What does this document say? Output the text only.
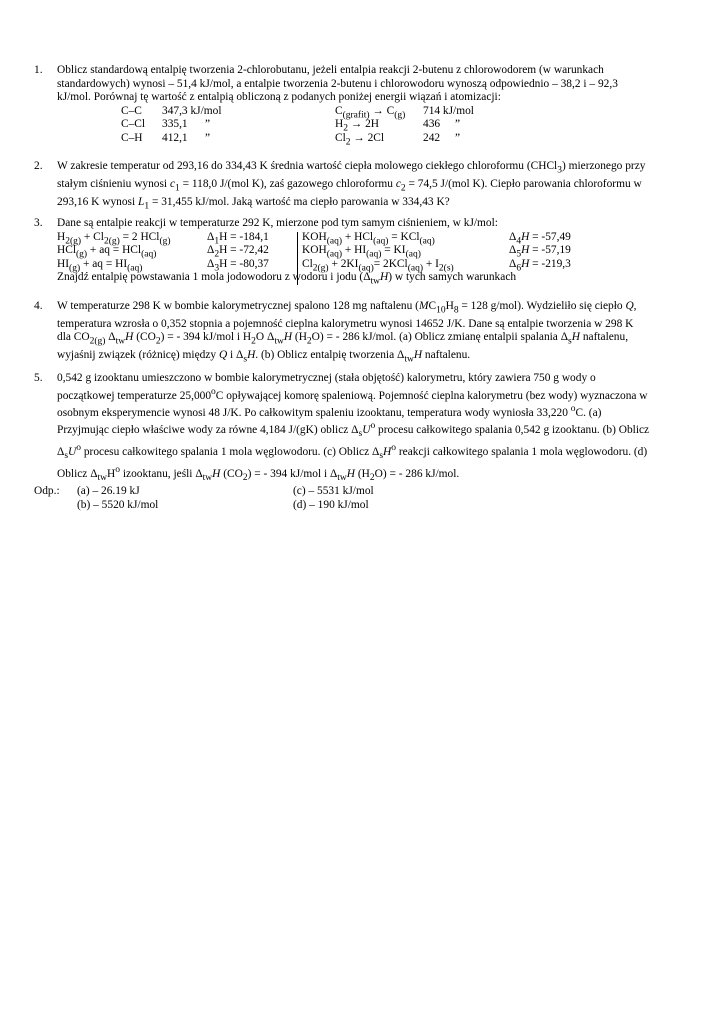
1. Oblicz standardową entalpię tworzenia 2-chlorobutanu, jeżeli entalpia reakcji 2-butenu z chlorowodorem (w warunkach
standardowych) wynosi – 51,4 kJ/mol, a entalpie tworzenia 2-butenu i chlorowodoru wynoszą odpowiednio – 38,2 i – 92,3
kJ/mol. Porównaj tę wartość z entalpią obliczoną z podanych poniżej energii wiązań i atomizacji:
C–C 347,3 kJ/mol	$C_{(grafit)} \to C_{(g)}$ 714 kJ/mol
C–Cl 335,1 ”	$H_2 \to 2H$	436 ”
C–H 412,1 ”	$Cl_2 \to 2Cl$	242 ”
2. W zakresie temperatur od 293,16 do 334,43 K średnia wartość ciepła molowego ciekłego chloroformu (CHCl$_3$) mierzonego przy
stałym ciśnieniu wynosi $c_1 = 118,0$ J/(mol K), zaś gazowego chloroformu $c_2 = 74,5$ J/(mol K). Ciepło parowania chloroformu w
293,16 K wynosi $L_1 = 31,455$ kJ/mol. Jaką wartość ma ciepło parowania w 334,43 K?
3. Dane są entalpie reakcji w temperaturze 292 K, mierzone pod tym samym ciśnieniem, w kJ/mol:
$H_{2(g)} + Cl_{2(g)} = 2$ HCl$_{(g)}$	$\Delta_1H = -184,1$	$KOH_{(aq)} + HCl_{(aq)} = KCl_{(aq)}$	$\Delta_4H = -57,49$
HCl$_{(g)}$ + aq = HCl$_{(aq)}$	$\Delta_2H = -72,42$	$KOH_{(aq)} + HI_{(aq)} = KI_{(aq)}$	$\Delta_5H = -57,19$
$HI_{(g)}$ + aq = $HI_{(aq)}$	$\Delta_3H = -80,37$	$Cl_{2(g)} + 2KI_{(aq)}= 2KCl_{(aq)} + I_{2(s)}$	$\Delta_6H = -219,3$
Znajdź entalpię powstawania 1 mola jodowodoru z wodoru i jodu $(\Delta_{tw}H)$ w tych samych warunkach
4. W temperaturze 298 K w bombie kalorymetrycznej spalono 128 mg naftalenu ($MC_{10}H_8 = 128$ g/mol). Wydzieliło się ciepło Q,
temperatura wzrosła o 0,352 stopnia a pojemność cieplna kalorymetru wynosi 14652 J/K. Dane są entalpie tworzenia w 298 K
dla $CO_{2(g)}$ $\Delta_{tw}H$ $(CO_2)$ = - 394 kJ/mol i $H_2O$ $\Delta_{tw}H$ $(H_2O)$ = - 286 kJ/mol. (a) Oblicz zmianę entalpii spalania $\Delta_sH$ naftalenu,
wyjaśnij związek (różnicę) między Q i $\Delta_sH$. (b) Oblicz entalpię tworzenia $\Delta_{tw}H$ naftalenu.
5. 0,542 g izooktanu umieszczono w bombie kalorymetrycznej (stała objętość) kalorymetru, który zawiera 750 g wody o
początkowej temperaturze 25,000$^o$C opływającej komorę spaleniową. Pojemność cieplna kalorymetru (bez wody) wyznaczona w
osobnym eksperymencie wynosi 48 J/K. Po całkowitym spaleniu izooktanu, temperatura wody wyniosła 33,220 $^o$C. (a)
Przyjmując ciepło właściwe wody za równe 4,184 J/(gK) oblicz $\Delta_sU^o$ procesu całkowitego spalania 0,542 g izooktanu. (b) Oblicz
$\Delta_sU^o$ procesu całkowitego spalania 1 mola węglowodoru. (c) Oblicz $\Delta_sH^o$ reakcji całkowitego spalania 1 mola węglowodoru. (d)
Oblicz $\Delta_{tw}H^o$ izooktanu, jeśli $\Delta_{tw}H$ $(CO_2)$ = - 394 kJ/mol i $\Delta_{tw}H$ $(H_2O)$ = - 286 kJ/mol.
Odp.: (a) – 26.19 kJ	(c) – 5531 kJ/mol
(b) – 5520 kJ/mol	(d) – 190 kJ/mol
